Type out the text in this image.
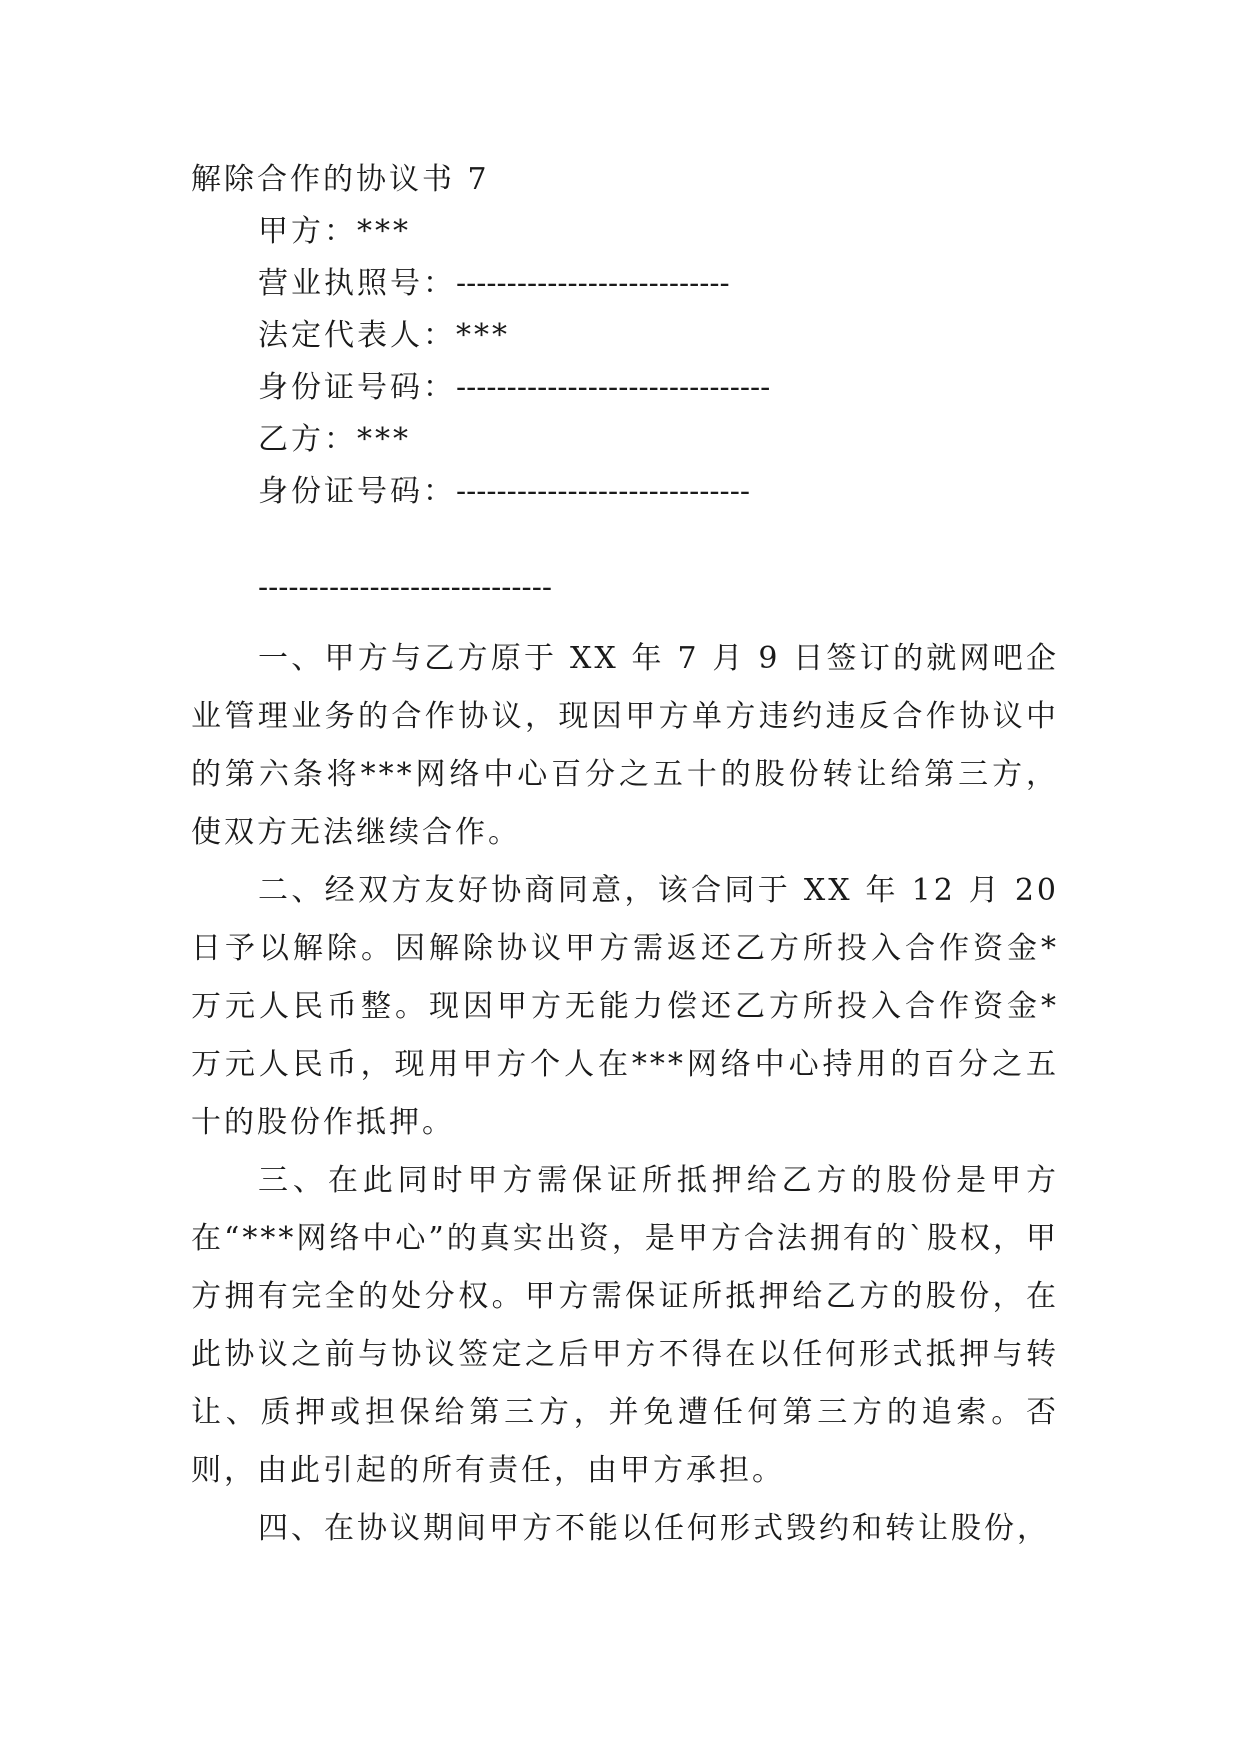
解除合作的协议书 7
甲方：***
营业执照号：---------------------------
法定代表人：***
身份证号码：-------------------------------
乙方：***
身份证号码：-----------------------------
-----------------------------

一、甲方与乙方原于 XX 年 7 月 9 日签订的就网吧企业管理业务的合作协议，现因甲方单方违约违反合作协议中的第六条将***网络中心百分之五十的股份转让给第三方，使双方无法继续合作。

二、经双方友好协商同意，该合同于 XX 年 12 月 20 日予以解除。因解除协议甲方需返还乙方所投入合作资金*万元人民币整。现因甲方无能力偿还乙方所投入合作资金*万元人民币，现用甲方个人在***网络中心持用的百分之五十的股份作抵押。

三、在此同时甲方需保证所抵押给乙方的股份是甲方在“***网络中心”的真实出资，是甲方合法拥有的`股权，甲方拥有完全的处分权。甲方需保证所抵押给乙方的股份，在此协议之前与协议签定之后甲方不得在以任何形式抵押与转让、质押或担保给第三方，并免遭任何第三方的追索。否则，由此引起的所有责任，由甲方承担。

四、在协议期间甲方不能以任何形式毁约和转让股份，
